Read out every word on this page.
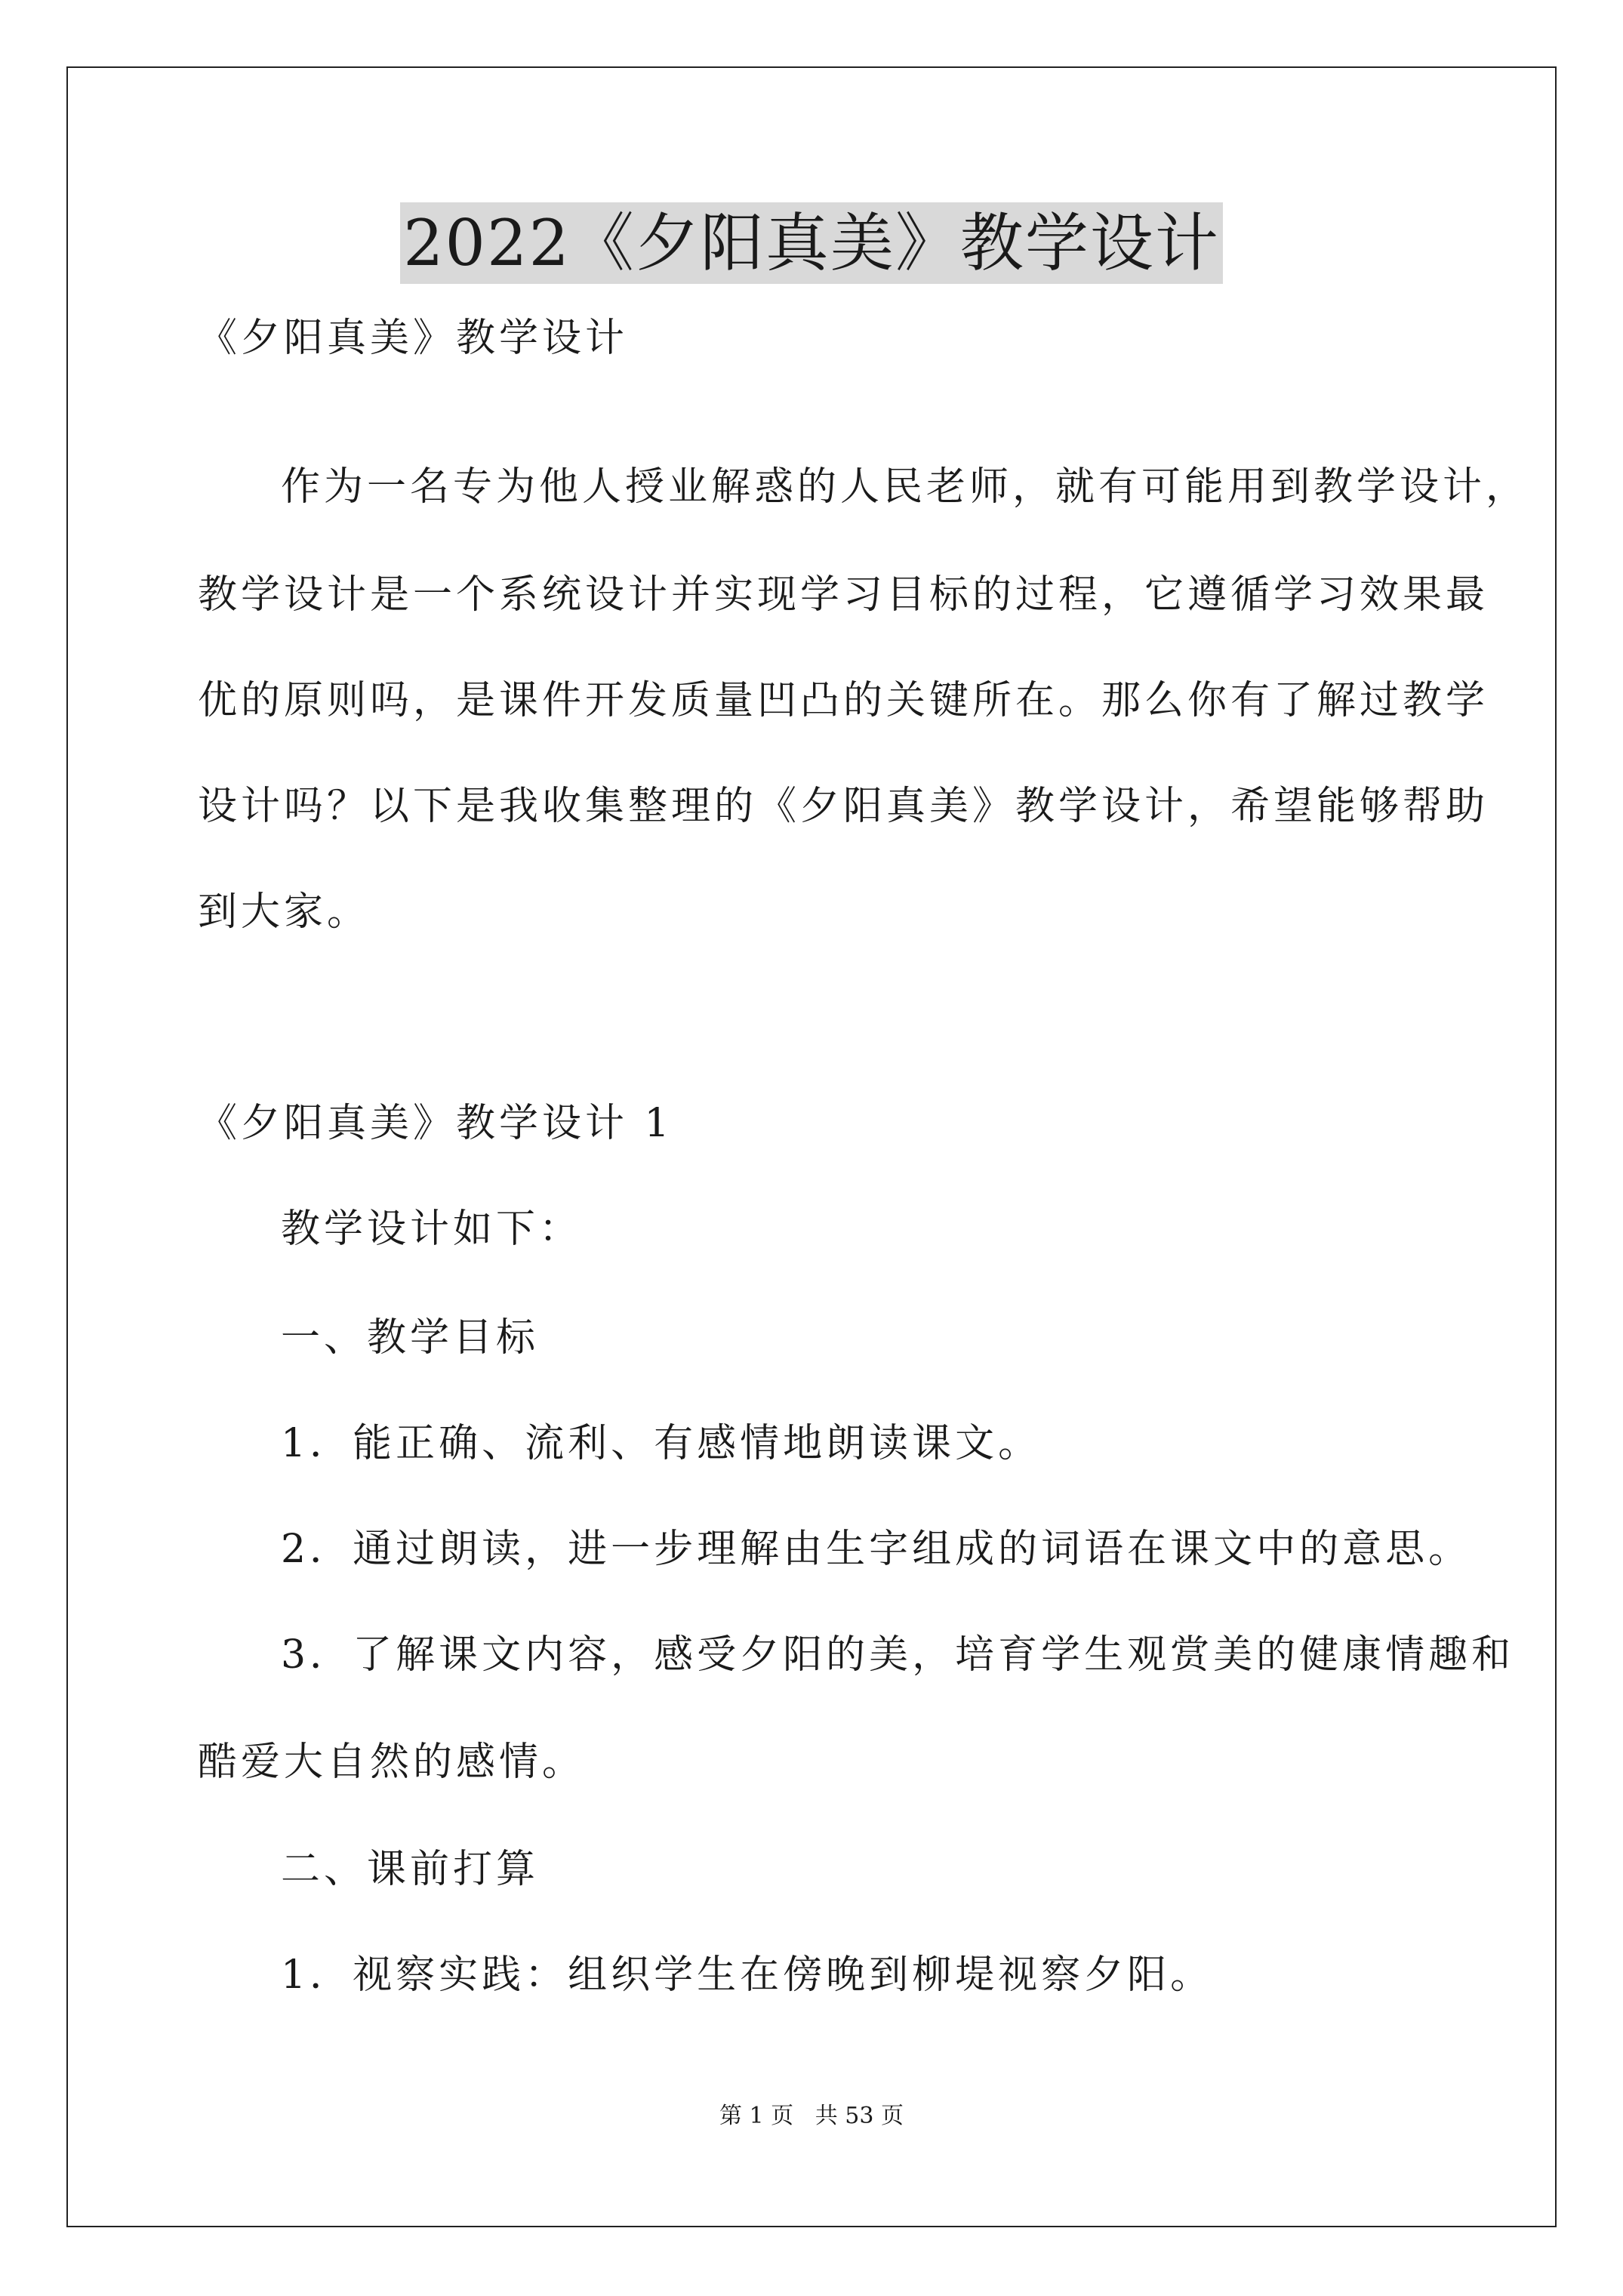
2022《夕阳真美》教学设计
《夕阳真美》教学设计
作为一名专为他人授业解惑的人民老师，就有可能用到教学设计，
教学设计是一个系统设计并实现学习目标的过程，它遵循学习效果最
优的原则吗，是课件开发质量凹凸的关键所在。那么你有了解过教学
设计吗？以下是我收集整理的《夕阳真美》教学设计，希望能够帮助
到大家。
《夕阳真美》教学设计 1
教学设计如下：
一、教学目标
1．能正确、流利、有感情地朗读课文。
2．通过朗读，进一步理解由生字组成的词语在课文中的意思。
3．了解课文内容，感受夕阳的美，培育学生观赏美的健康情趣和
酷爱大自然的感情。
二、课前打算
1．视察实践：组织学生在傍晚到柳堤视察夕阳。
第 1 页   共 53 页
